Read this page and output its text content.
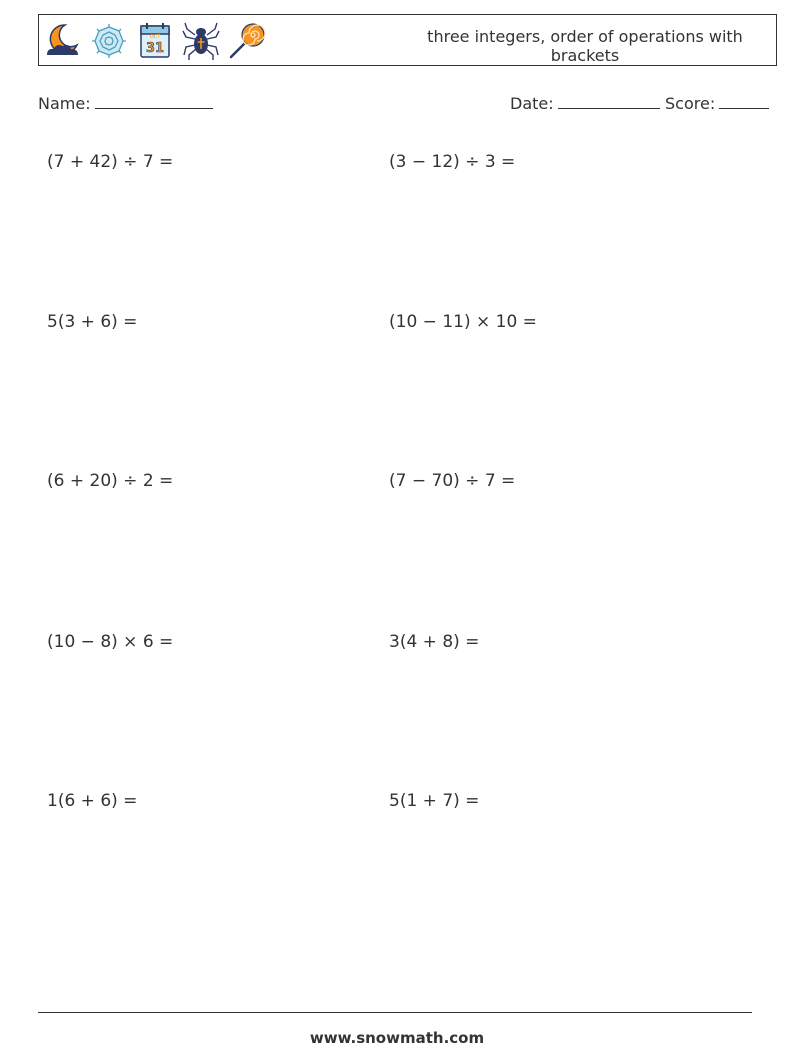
OCT
31
three integers, order of operations with brackets
Name:	Date:	Score:
(7 + 42) ÷ 7 =	(3 − 12) ÷ 3 =
5(3 + 6) =	(10 − 11) × 10 =
(6 + 20) ÷ 2 =	(7 − 70) ÷ 7 =
(10 − 8) × 6 =	3(4 + 8) =
1(6 + 6) =	5(1 + 7) =
www.snowmath.com
